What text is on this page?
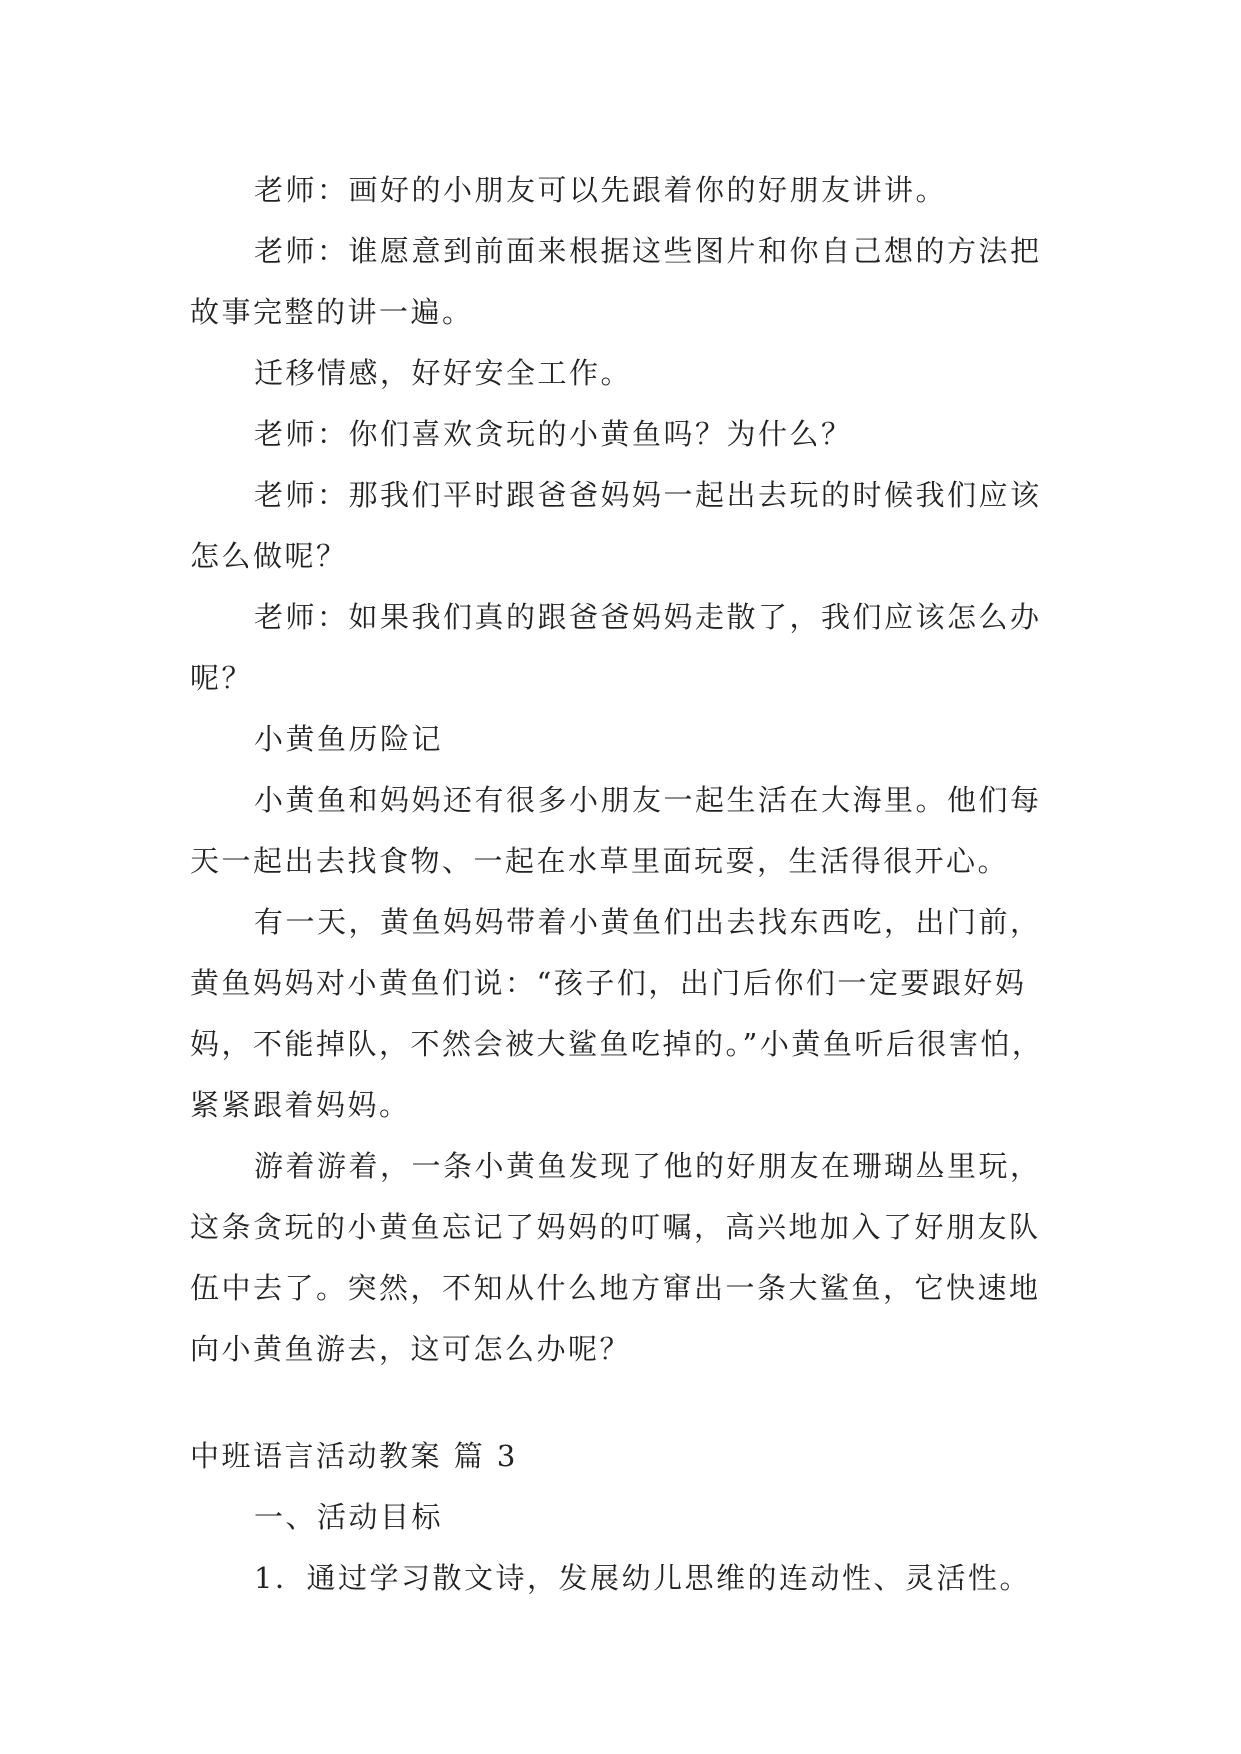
老师：画好的小朋友可以先跟着你的好朋友讲讲。

老师：谁愿意到前面来根据这些图片和你自己想的方法把故事完整的讲一遍。

迁移情感，好好安全工作。

老师：你们喜欢贪玩的小黄鱼吗？为什么？

老师：那我们平时跟爸爸妈妈一起出去玩的时候我们应该怎么做呢？

老师：如果我们真的跟爸爸妈妈走散了，我们应该怎么办呢？

小黄鱼历险记

小黄鱼和妈妈还有很多小朋友一起生活在大海里。他们每天一起出去找食物、一起在水草里面玩耍，生活得很开心。

有一天，黄鱼妈妈带着小黄鱼们出去找东西吃，出门前，黄鱼妈妈对小黄鱼们说：“孩子们，出门后你们一定要跟好妈妈，不能掉队，不然会被大鲨鱼吃掉的。”小黄鱼听后很害怕，紧紧跟着妈妈。

游着游着，一条小黄鱼发现了他的好朋友在珊瑚丛里玩，这条贪玩的小黄鱼忘记了妈妈的叮嘱，高兴地加入了好朋友队伍中去了。突然，不知从什么地方窜出一条大鲨鱼，它快速地向小黄鱼游去，这可怎么办呢？

中班语言活动教案 篇 3

一、活动目标

1．通过学习散文诗，发展幼儿思维的连动性、灵活性。
